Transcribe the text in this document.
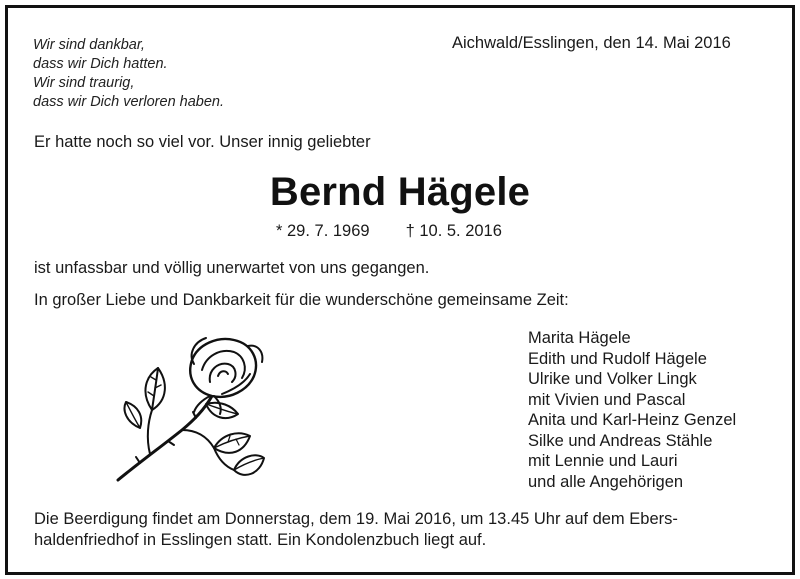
Wir sind dankbar,
dass wir Dich hatten.
Wir sind traurig,
dass wir Dich verloren haben.
Aichwald/Esslingen, den 14. Mai 2016
Er hatte noch so viel vor. Unser innig geliebter
Bernd Hägele
* 29. 7. 1969 † 10. 5. 2016
ist unfassbar und völlig unerwartet von uns gegangen.
In großer Liebe und Dankbarkeit für die wunderschöne gemeinsame Zeit:
Marita Hägele
Edith und Rudolf Hägele
Ulrike und Volker Lingk
mit Vivien und Pascal
Anita und Karl-Heinz Genzel
Silke und Andreas Stähle
mit Lennie und Lauri
und alle Angehörigen
Die Beerdigung findet am Donnerstag, dem 19. Mai 2016, um 13.45 Uhr auf dem Ebers-
haldenfriedhof in Esslingen statt. Ein Kondolenzbuch liegt auf.
